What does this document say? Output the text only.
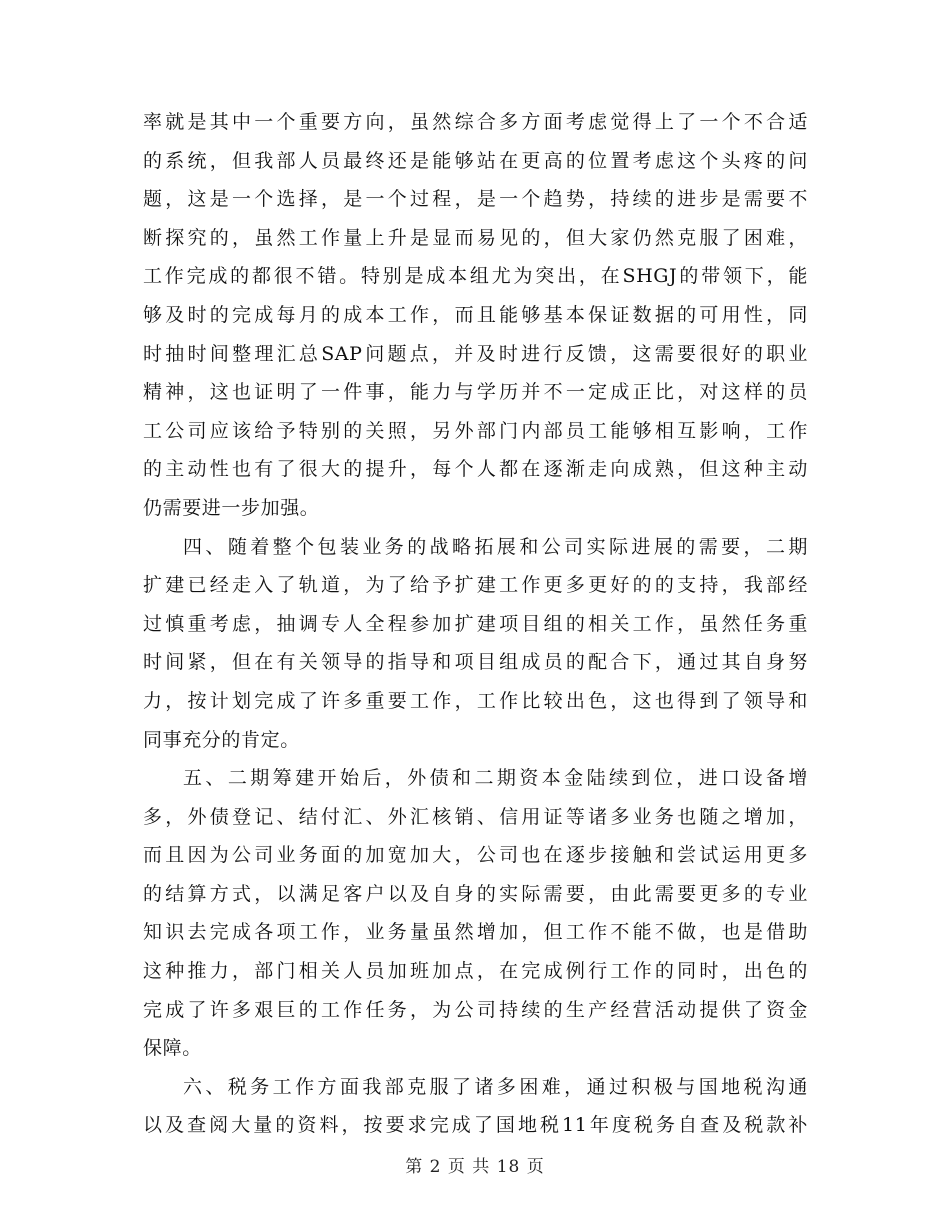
率就是其中一个重要方向，虽然综合多方面考虑觉得上了一个不合适
的系统，但我部人员最终还是能够站在更高的位置考虑这个头疼的问
题，这是一个选择，是一个过程，是一个趋势，持续的进步是需要不
断探究的，虽然工作量上升是显而易见的，但大家仍然克服了困难，
工作完成的都很不错。特别是成本组尤为突出，在SHGJ的带领下，能
够及时的完成每月的成本工作，而且能够基本保证数据的可用性，同
时抽时间整理汇总SAP问题点，并及时进行反馈，这需要很好的职业
精神，这也证明了一件事，能力与学历并不一定成正比，对这样的员
工公司应该给予特别的关照，另外部门内部员工能够相互影响，工作
的主动性也有了很大的提升，每个人都在逐渐走向成熟，但这种主动
仍需要进一步加强。
四、随着整个包装业务的战略拓展和公司实际进展的需要，二期
扩建已经走入了轨道，为了给予扩建工作更多更好的的支持，我部经
过慎重考虑，抽调专人全程参加扩建项目组的相关工作，虽然任务重
时间紧，但在有关领导的指导和项目组成员的配合下，通过其自身努
力，按计划完成了许多重要工作，工作比较出色，这也得到了领导和
同事充分的肯定。
五、二期筹建开始后，外债和二期资本金陆续到位，进口设备增
多，外债登记、结付汇、外汇核销、信用证等诸多业务也随之增加，
而且因为公司业务面的加宽加大，公司也在逐步接触和尝试运用更多
的结算方式，以满足客户以及自身的实际需要，由此需要更多的专业
知识去完成各项工作，业务量虽然增加，但工作不能不做，也是借助
这种推力，部门相关人员加班加点，在完成例行工作的同时，出色的
完成了许多艰巨的工作任务，为公司持续的生产经营活动提供了资金
保障。
六、税务工作方面我部克服了诸多困难，通过积极与国地税沟通
以及查阅大量的资料，按要求完成了国地税11年度税务自查及税款补
第 2 页 共 18 页
